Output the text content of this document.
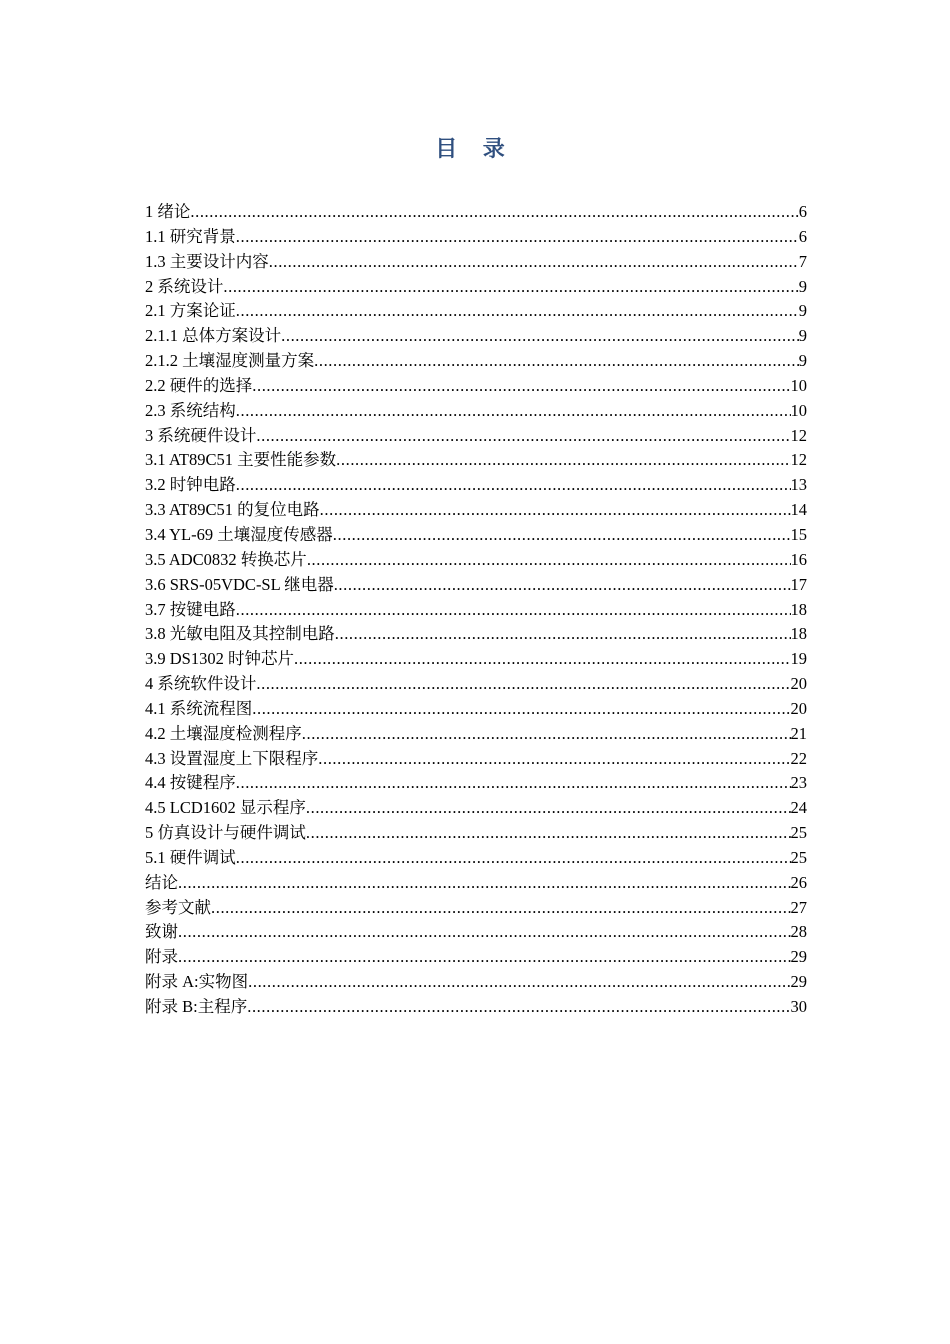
目 录
1 绪论 .....	6
1.1 研究背景 .....	6
1.3 主要设计内容 .....	7
2 系统设计 .....	9
2.1 方案论证 .....	9
2.1.1 总体方案设计 .....	9
2.1.2 土壤湿度测量方案 .....	9
2.2 硬件的选择 .....	10
2.3 系统结构 .....	10
3 系统硬件设计 .....	12
3.1 AT89C51 主要性能参数 .....	12
3.2 时钟电路 .....	13
3.3 AT89C51 的复位电路 .....	14
3.4 YL-69 土壤湿度传感器 .....	15
3.5 ADC0832 转换芯片 .....	16
3.6 SRS-05VDC-SL 继电器 .....	17
3.7 按键电路 .....	18
3.8 光敏电阻及其控制电路 .....	18
3.9 DS1302 时钟芯片 .....	19
4 系统软件设计 .....	20
4.1 系统流程图 .....	20
4.2 土壤湿度检测程序 .....	21
4.3 设置湿度上下限程序 .....	22
4.4 按键程序 .....	23
4.5 LCD1602 显示程序 .....	24
5 仿真设计与硬件调试 .....	25
5.1 硬件调试 .....	25
结论 .....	26
参考文献 .....	27
致谢 .....	28
附录 .....	29
附录 A:实物图 .....	29
附录 B:主程序 .....	30
